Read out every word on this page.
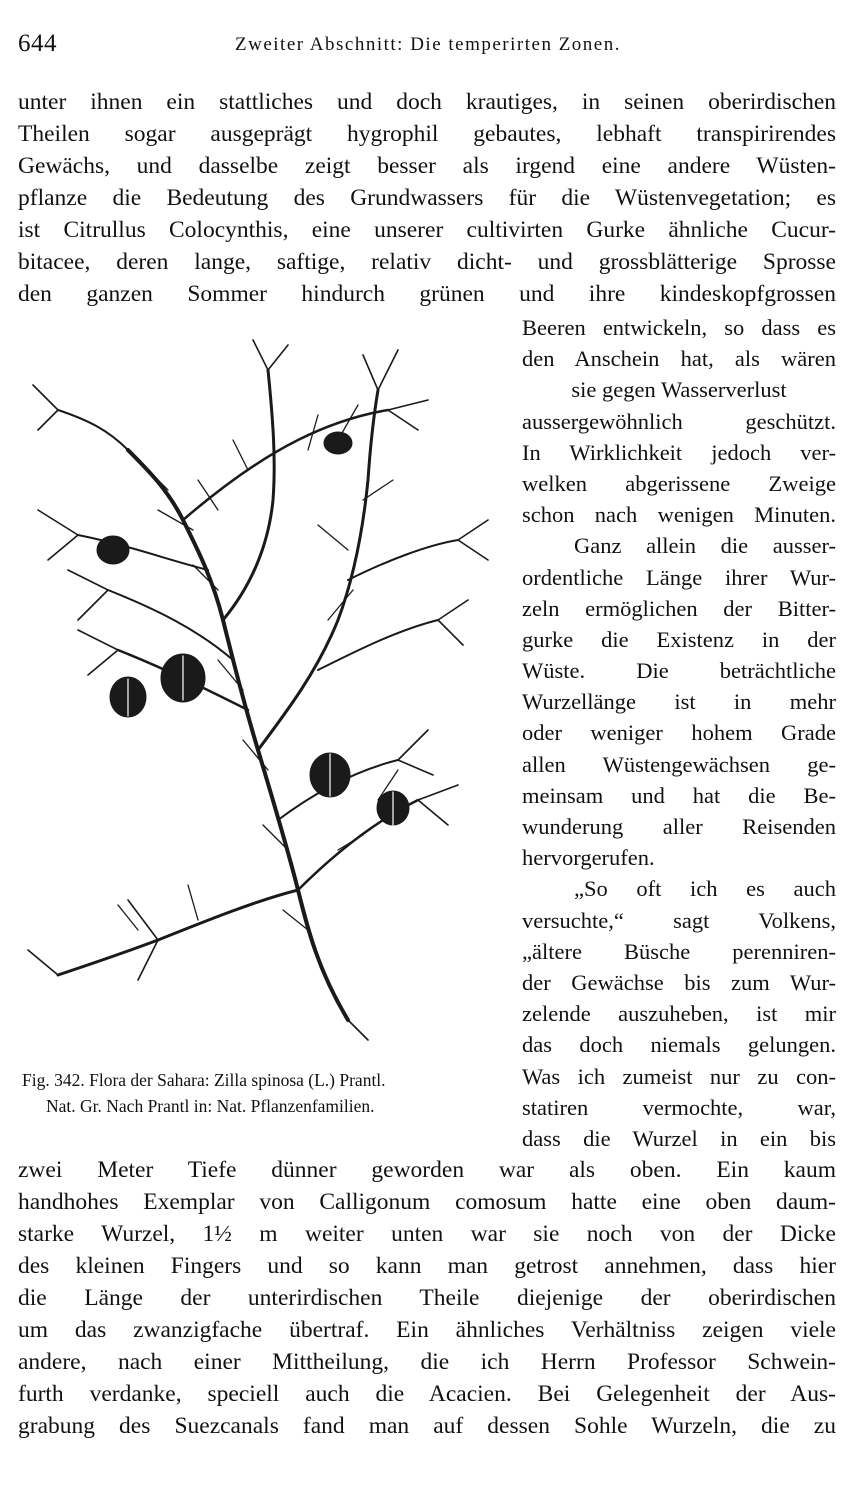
644	Zweiter Abschnitt: Die temperirten Zonen.
unter ihnen ein stattliches und doch krautiges, in seinen oberirdischen
Theilen sogar ausgeprägt hygrophil gebautes, lebhaft transpirirendes
Gewächs, und dasselbe zeigt besser als irgend eine andere Wüsten-
pflanze die Bedeutung des Grundwassers für die Wüstenvegetation; es
ist Citrullus Colocynthis, eine unserer cultivirten Gurke ähnliche Cucur-
bitacee, deren lange, saftige, relativ dicht- und grossblätterige Sprosse
den ganzen Sommer hindurch grünen und ihre kindeskopfgrossen
Fig. 342. Flora der Sahara: Zilla spinosa (L.) Prantl.
Nat. Gr. Nach Prantl in: Nat. Pflanzenfamilien.
Beeren entwickeln, so dass es
den Anschein hat, als wären
sie gegen Wasserverlust
aussergewöhnlich geschützt.
In Wirklichkeit jedoch ver-
welken abgerissene Zweige
schon nach wenigen Minuten.
Ganz allein die ausser-
ordentliche Länge ihrer Wur-
zeln ermöglichen der Bitter-
gurke die Existenz in der
Wüste. Die beträchtliche
Wurzellänge ist in mehr
oder weniger hohem Grade
allen Wüstengewächsen ge-
meinsam und hat die Be-
wunderung aller Reisenden
hervorgerufen.
„So oft ich es auch
versuchte,“ sagt Volkens,
„ältere Büsche perenniren-
der Gewächse bis zum Wur-
zelende auszuheben, ist mir
das doch niemals gelungen.
Was ich zumeist nur zu con-
statiren vermochte, war,
dass die Wurzel in ein bis
zwei Meter Tiefe dünner geworden war als oben. Ein kaum
handhohes Exemplar von Calligonum comosum hatte eine oben daum-
starke Wurzel, 1½ m weiter unten war sie noch von der Dicke
des kleinen Fingers und so kann man getrost annehmen, dass hier
die Länge der unterirdischen Theile diejenige der oberirdischen
um das zwanzigfache übertraf. Ein ähnliches Verhältniss zeigen viele
andere, nach einer Mittheilung, die ich Herrn Professor Schwein-
furth verdanke, speciell auch die Acacien. Bei Gelegenheit der Aus-
grabung des Suezcanals fand man auf dessen Sohle Wurzeln, die zu
